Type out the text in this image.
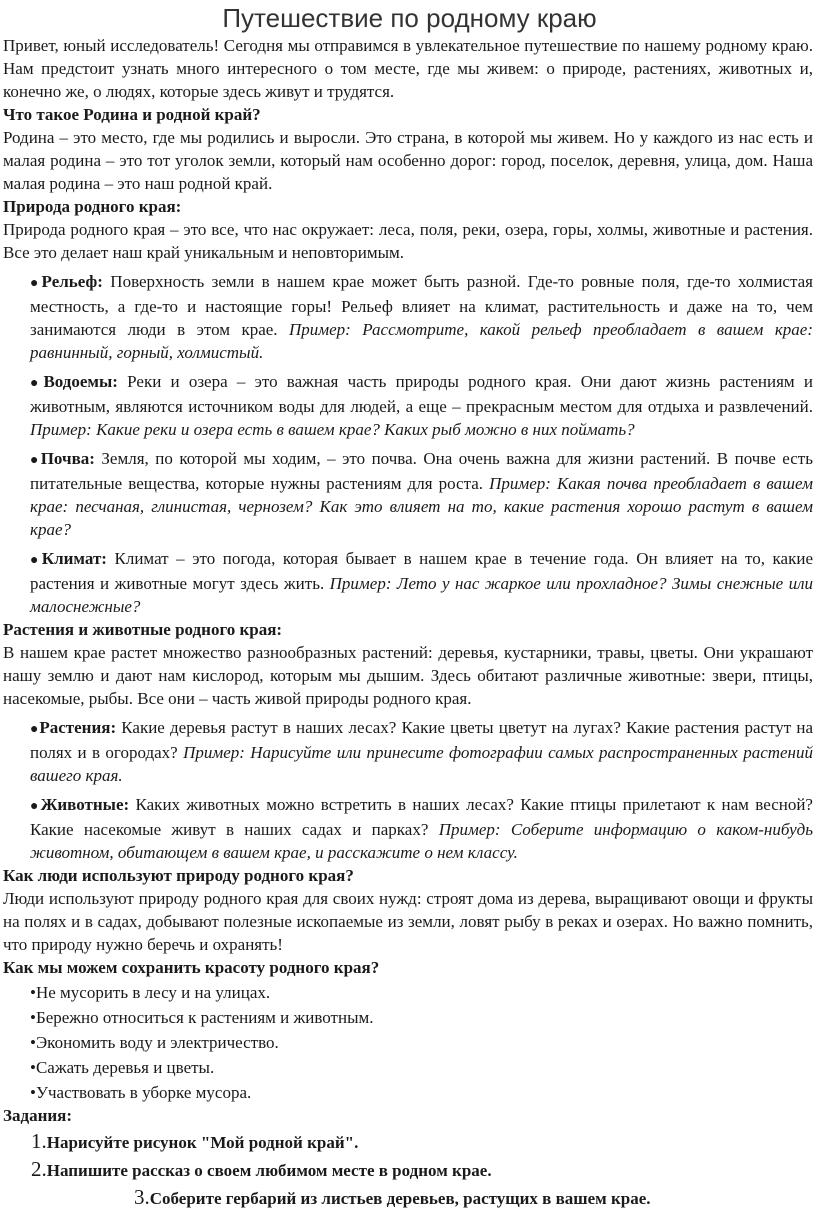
Путешествие по родному краю

Привет, юный исследователь! Сегодня мы отправимся в увлекательное путешествие по нашему родному краю. Нам предстоит узнать много интересного о том месте, где мы живем: о природе, растениях, животных и, конечно же, о людях, которые здесь живут и трудятся.

Что такое Родина и родной край?

Родина – это место, где мы родились и выросли. Это страна, в которой мы живем. Но у каждого из нас есть и малая родина – это тот уголок земли, который нам особенно дорог: город, поселок, деревня, улица, дом. Наша малая родина – это наш родной край.

Природа родного края:

Природа родного края – это все, что нас окружает: леса, поля, реки, озера, горы, холмы, животные и растения. Все это делает наш край уникальным и неповторимым.

●Рельеф: Поверхность земли в нашем крае может быть разной. Где-то ровные поля, где-то холмистая местность, а где-то и настоящие горы! Рельеф влияет на климат, растительность и даже на то, чем занимаются люди в этом крае. Пример: Рассмотрите, какой рельеф преобладает в вашем крае: равнинный, горный, холмистый.

●Водоемы: Реки и озера – это важная часть природы родного края. Они дают жизнь растениям и животным, являются источником воды для людей, а еще – прекрасным местом для отдыха и развлечений. Пример: Какие реки и озера есть в вашем крае? Каких рыб можно в них поймать?

●Почва: Земля, по которой мы ходим, – это почва. Она очень важна для жизни растений. В почве есть питательные вещества, которые нужны растениям для роста. Пример: Какая почва преобладает в вашем крае: песчаная, глинистая, чернозем? Как это влияет на то, какие растения хорошо растут в вашем крае?

●Климат: Климат – это погода, которая бывает в нашем крае в течение года. Он влияет на то, какие растения и животные могут здесь жить. Пример: Лето у нас жаркое или прохладное? Зимы снежные или малоснежные?

Растения и животные родного края:

В нашем крае растет множество разнообразных растений: деревья, кустарники, травы, цветы. Они украшают нашу землю и дают нам кислород, которым мы дышим. Здесь обитают различные животные: звери, птицы, насекомые, рыбы. Все они – часть живой природы родного края.

●Растения: Какие деревья растут в наших лесах? Какие цветы цветут на лугах? Какие растения растут на полях и в огородах? Пример: Нарисуйте или принесите фотографии самых распространенных растений вашего края.

●Животные: Каких животных можно встретить в наших лесах? Какие птицы прилетают к нам весной? Какие насекомые живут в наших садах и парках? Пример: Соберите информацию о каком-нибудь животном, обитающем в вашем крае, и расскажите о нем классу.

Как люди используют природу родного края?

Люди используют природу родного края для своих нужд: строят дома из дерева, выращивают овощи и фрукты на полях и в садах, добывают полезные ископаемые из земли, ловят рыбу в реках и озерах. Но важно помнить, что природу нужно беречь и охранять!

Как мы можем сохранить красоту родного края?
•Не мусорить в лесу и на улицах.
•Бережно относиться к растениям и животным.
•Экономить воду и электричество.
•Сажать деревья и цветы.
•Участвовать в уборке мусора.
Задания:
1.Нарисуйте рисунок "Мой родной край".
2.Напишите рассказ о своем любимом месте в родном крае.
3.Соберите гербарий из листьев деревьев, растущих в вашем крае.
